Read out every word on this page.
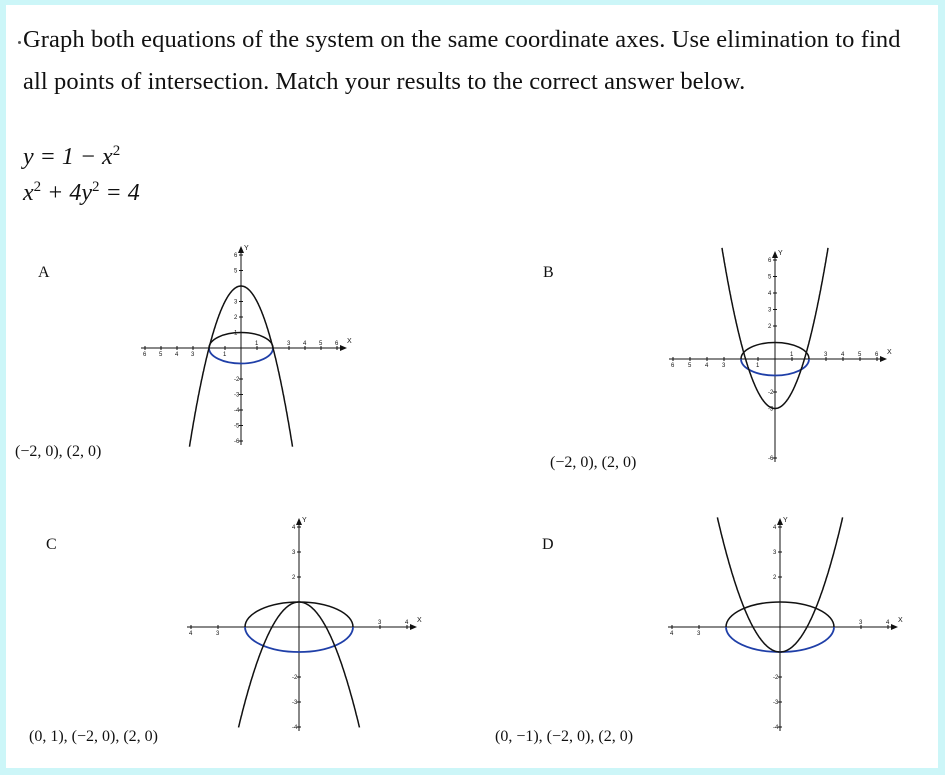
Graph both equations of the system on the same coordinate axes. Use elimination to find all points of intersection. Match your results to the correct answer below.
$y = 1 - x^2$
$x^2 + 4y^2 = 4$
A	B
C	D
(−2, 0), (2, 0)
(−2, 0), (2, 0)
(0, 1), (−2, 0), (2, 0)	(0, −1), (−2, 0), (2, 0)
X
Y
6 5 4 3	1
1	3 4 5 6
6
5
3
2
1
-2
-3
-4
-5
-6
X
Y
6 5 4 3	1
1	3 4 5 6
6
5
4
3
2
-2
-3
-6
X
Y
4	3
3	4
4
3
2
-2
-3
-4
X
Y
4	3
3	4
4
3
2
-2
-3
-4
